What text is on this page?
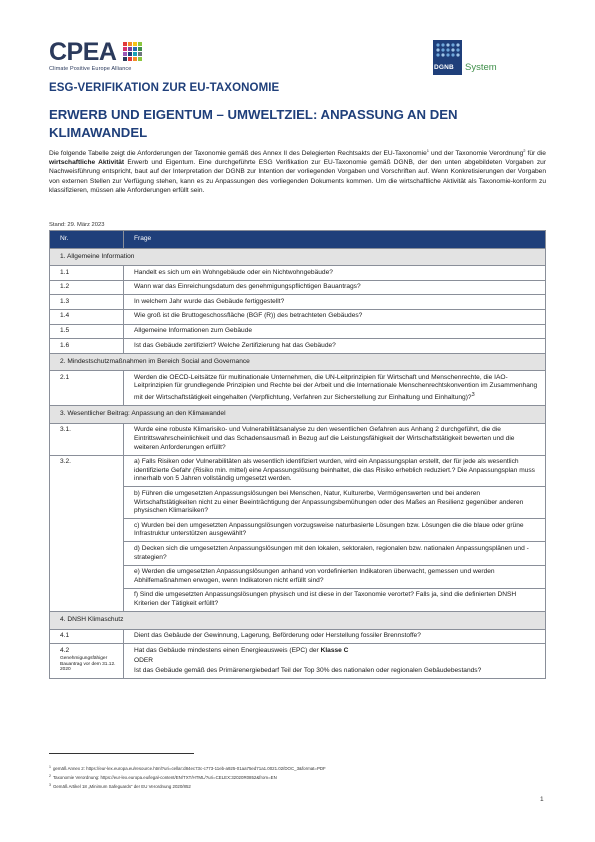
CPEA
Climate Positive Europe Alliance	DGNB System
ESG-VERIFIKATION ZUR EU-TAXONOMIE
ERWERB UND EIGENTUM – UMWELTZIEL: ANPASSUNG AN DEN KLIMAWANDEL

Die folgende Tabelle zeigt die Anforderungen der Taxonomie gemäß des Annex II des Delegierten Rechtsakts der EU-Taxonomie$^1$ und der Taxonomie Verordnung$^2$ für die wirtschaftliche Aktivität Erwerb und Eigentum. Eine durchgeführte ESG Verifikation zur EU-Taxonomie gemäß DGNB, der den unten abgebildeten Vorgaben zur Nachweisführung entspricht, baut auf der Interpretation der DGNB zur Intention der vorliegenden Vorgaben und Vorschriften auf. Wenn Konkretisierungen der Vorgaben von externen Stellen zur Verfügung stehen, kann es zu Anpassungen des vorliegenden Dokuments kommen. Um die wirtschaftliche Aktivität als Taxonomie-konform zu klassifizieren, müssen alle Anforderungen erfüllt sein.

Stand: 29. März 2023
Nr.	Frage
1. Allgemeine Information	
1.1	Handelt es sich um ein Wohngebäude oder ein Nichtwohngebäude?
1.2	Wann war das Einreichungsdatum des genehmigungspflichtigen Bauantrags?
1.3	In welchem Jahr wurde das Gebäude fertiggestellt?
1.4	Wie groß ist die Bruttogeschossfläche (BGF (R)) des betrachteten Gebäudes?
1.5	Allgemeine Informationen zum Gebäude
1.6	Ist das Gebäude zertifiziert? Welche Zertifizierung hat das Gebäude?
2. Mindestschutzmaßnahmen im Bereich Social and Governance	
2.1	Werden die OECD-Leitsätze für multinationale Unternehmen, die UN-Leitprinzipien für Wirtschaft und Menschenrechte, die IAO-Leitprinzipien für grundlegende Prinzipien und Rechte bei der Arbeit und die Internationale Menschenrechtskonvention im Zusammenhang mit der Wirtschaftstätigkeit eingehalten (Verpflichtung, Verfahren zur Sicherstellung zur Einhaltung und Einhaltung)?$^3$
3. Wesentlicher Beitrag: Anpassung an den Klimawandel	
3.1.	Wurde eine robuste Klimarisiko- und Vulnerabilitätsanalyse zu den wesentlichen Gefahren aus Anhang 2 durchgeführt, die die Eintrittswahrscheinlichkeit und das Schadensausmaß in Bezug auf die Leistungsfähigkeit der Wirtschaftstätigkeit bewerten und die weiteren Anforderungen erfüllt?
3.2.	a) Falls Risiken oder Vulnerabilitäten als wesentlich identifiziert wurden, wird ein Anpassungsplan erstellt, der für jede als wesentlich identifizierte Gefahr (Risiko min. mittel) eine Anpassungslösung beinhaltet, die das Risiko erheblich reduziert.? Die Anpassungsplan muss innerhalb von 5 Jahren vollständig umgesetzt werden.
	b) Führen die umgesetzten Anpassungslösungen bei Menschen, Natur, Kulturerbe, Vermögenswerten und bei anderen Wirtschaftstätigkeiten nicht zu einer Beeinträchtigung der Anpassungsbemühungen oder des Maßes an Resilienz gegenüber anderen physischen Klimarisiken?
	c) Wurden bei den umgesetzten Anpassungslösungen vorzugsweise naturbasierte Lösungen bzw. Lösungen die die blaue oder grüne Infrastruktur unterstützen ausgewählt?
	d) Decken sich die umgesetzten Anpassungslösungen mit den lokalen, sektoralen, regionalen bzw. nationalen Anpassungsplänen und -strategien?
	e) Werden die umgesetzten Anpassungslösungen anhand von vordefinierten Indikatoren überwacht, gemessen und werden Abhilfemaßnahmen erwogen, wenn Indikatoren nicht erfüllt sind?
	f) Sind die umgesetzten Anpassungslösungen physisch und ist diese in der Taxonomie verortet? Falls ja, sind die definierten DNSH Kriterien der Tätigkeit erfüllt?
4. DNSH Klimaschutz	
4.1	Dient das Gebäude der Gewinnung, Lagerung, Beförderung oder Herstellung fossiler Brennstoffe?
4.2
Genehmigungsfähiger Bauantrag vor dem 31.12. 2020	Hat das Gebäude mindestens einen Energieausweis (EPC) der Klasse C
ODER
Ist das Gebäude gemäß des Primärenergiebedarf Teil der Top 30% des nationalen oder regionalen Gebäudebestands?
$^1$ gemäß Annex 2: https://eur-lex.europa.eu/resource.html?uri=cellar:d84ec73c-c773-11eb-a925-01aa75ed71a1.0021.02/DOC_3&format=PDF
$^2$ Taxonomie Verordnung: https://eur-lex.europa.eu/legal-content/EN/TXT/HTML/?uri=CELEX:32020R0852&from=EN
$^3$ Gemäß Artikel 18 „Minimum Safeguards“ der EU Verordnung 2020/852
1
